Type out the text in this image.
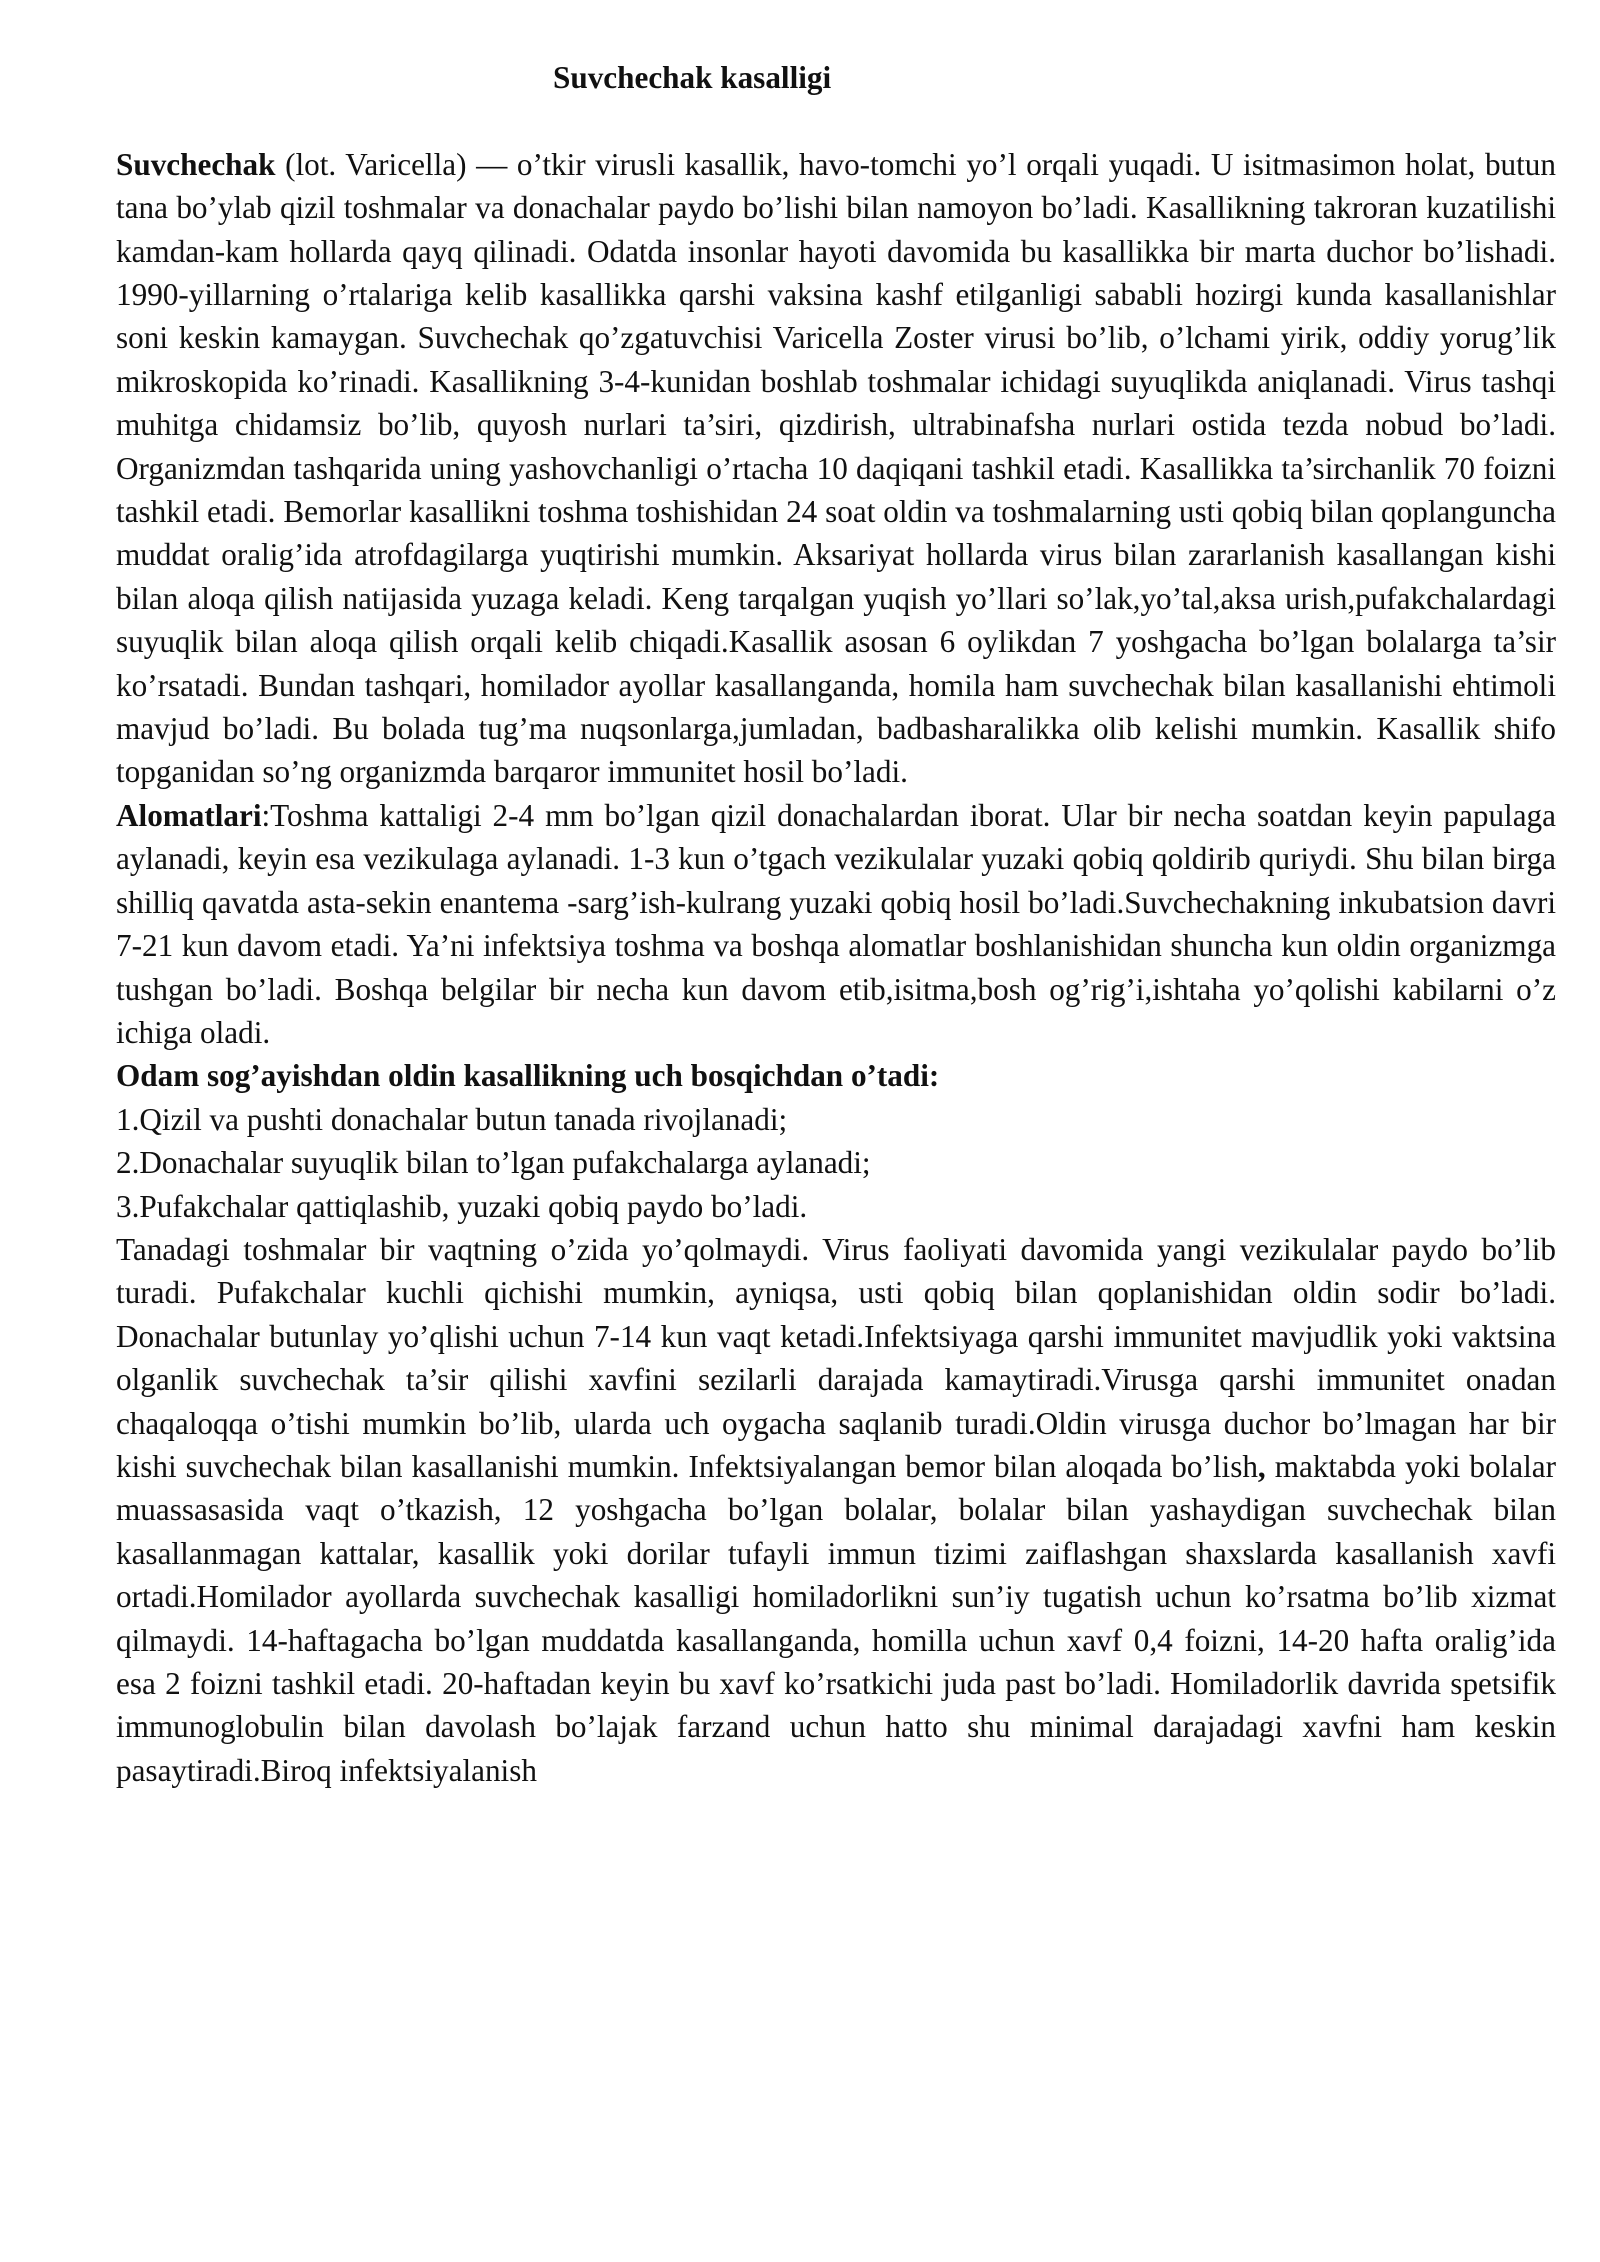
Suvchechak kasalligi

Suvchechak (lot. Varicella) — o’tkir virusli kasallik, havo-tomchi yo’l orqali yuqadi. U isitmasimon holat, butun tana bo’ylab qizil toshmalar va donachalar paydo bo’lishi bilan namoyon bo’ladi. Kasallikning takroran kuzatilishi kamdan-kam hollarda qayq qilinadi. Odatda insonlar hayoti davomida bu kasallikka bir marta duchor bo’lishadi. 1990-yillarning o’rtalariga kelib kasallikka qarshi vaksina kashf etilganligi sababli hozirgi kunda kasallanishlar soni keskin kamaygan. Suvchechak qo’zgatuvchisi Varicella Zoster virusi bo’lib, o’lchami yirik, oddiy yorug’lik mikroskopida ko’rinadi. Kasallikning 3-4-kunidan boshlab toshmalar ichidagi suyuqlikda aniqlanadi. Virus tashqi muhitga chidamsiz bo’lib, quyosh nurlari ta’siri, qizdirish, ultrabinafsha nurlari ostida tezda nobud bo’ladi. Organizmdan tashqarida uning yashovchanligi o’rtacha 10 daqiqani tashkil etadi. Kasallikka ta’sirchanlik 70 foizni tashkil etadi. Bemorlar kasallikni toshma toshishidan 24 soat oldin va toshmalarning usti qobiq bilan qoplanguncha muddat oralig’ida atrofdagilarga yuqtirishi mumkin. Aksariyat hollarda virus bilan zararlanish kasallangan kishi bilan aloqa qilish natijasida yuzaga keladi. Keng tarqalgan yuqish yo’llari so’lak,yo’tal,aksa urish,pufakchalardagi suyuqlik bilan aloqa qilish orqali kelib chiqadi.Kasallik asosan 6 oylikdan 7 yoshgacha bo’lgan bolalarga ta’sir ko’rsatadi. Bundan tashqari, homilador ayollar kasallanganda, homila ham suvchechak bilan kasallanishi ehtimoli mavjud bo’ladi. Bu bolada tug’ma nuqsonlarga,jumladan, badbasharalikka olib kelishi mumkin. Kasallik shifo topganidan so’ng organizmda barqaror immunitet hosil bo’ladi.

Alomatlari:Toshma kattaligi 2-4 mm bo’lgan qizil donachalardan iborat. Ular bir necha soatdan keyin papulaga aylanadi, keyin esa vezikulaga aylanadi. 1-3 kun o’tgach vezikulalar yuzaki qobiq qoldirib quriydi. Shu bilan birga shilliq qavatda asta-sekin enantema -sarg’ish-kulrang yuzaki qobiq hosil bo’ladi.Suvchechakning inkubatsion davri 7-21 kun davom etadi. Ya’ni infektsiya toshma va boshqa alomatlar boshlanishidan shuncha kun oldin organizmga tushgan bo’ladi. Boshqa belgilar bir necha kun davom etib,isitma,bosh og’rig’i,ishtaha yo’qolishi kabilarni o’z ichiga oladi.

Odam sog’ayishdan oldin kasallikning uch bosqichdan o’tadi:

1.Qizil va pushti donachalar butun tanada rivojlanadi;

2.Donachalar suyuqlik bilan to’lgan pufakchalarga aylanadi;

3.Pufakchalar qattiqlashib, yuzaki qobiq paydo bo’ladi.

Tanadagi toshmalar bir vaqtning o’zida yo’qolmaydi. Virus faoliyati davomida yangi vezikulalar paydo bo’lib turadi. Pufakchalar kuchli qichishi mumkin, ayniqsa, usti qobiq bilan qoplanishidan oldin sodir bo’ladi. Donachalar butunlay yo’qlishi uchun 7-14 kun vaqt ketadi.Infektsiyaga qarshi immunitet mavjudlik yoki vaktsina olganlik suvchechak ta’sir qilishi xavfini sezilarli darajada kamaytiradi.Virusga qarshi immunitet onadan chaqaloqqa o’tishi mumkin bo’lib, ularda uch oygacha saqlanib turadi.Oldin virusga duchor bo’lmagan har bir kishi suvchechak bilan kasallanishi mumkin. Infektsiyalangan bemor bilan aloqada bo’lish, maktabda yoki bolalar muassasasida vaqt o’tkazish, 12 yoshgacha bo’lgan bolalar, bolalar bilan yashaydigan suvchechak bilan kasallanmagan kattalar, kasallik yoki dorilar tufayli immun tizimi zaiflashgan shaxslarda kasallanish xavfi ortadi.Homilador ayollarda suvchechak kasalligi homiladorlikni sun’iy tugatish uchun ko’rsatma bo’lib xizmat qilmaydi. 14-haftagacha bo’lgan muddatda kasallanganda, homilla uchun xavf 0,4 foizni, 14-20 hafta oralig’ida esa 2 foizni tashkil etadi. 20-haftadan keyin bu xavf ko’rsatkichi juda past bo’ladi. Homiladorlik davrida spetsifik immunoglobulin bilan davolash bo’lajak farzand uchun hatto shu minimal darajadagi xavfni ham keskin pasaytiradi.Biroq infektsiyalanish
